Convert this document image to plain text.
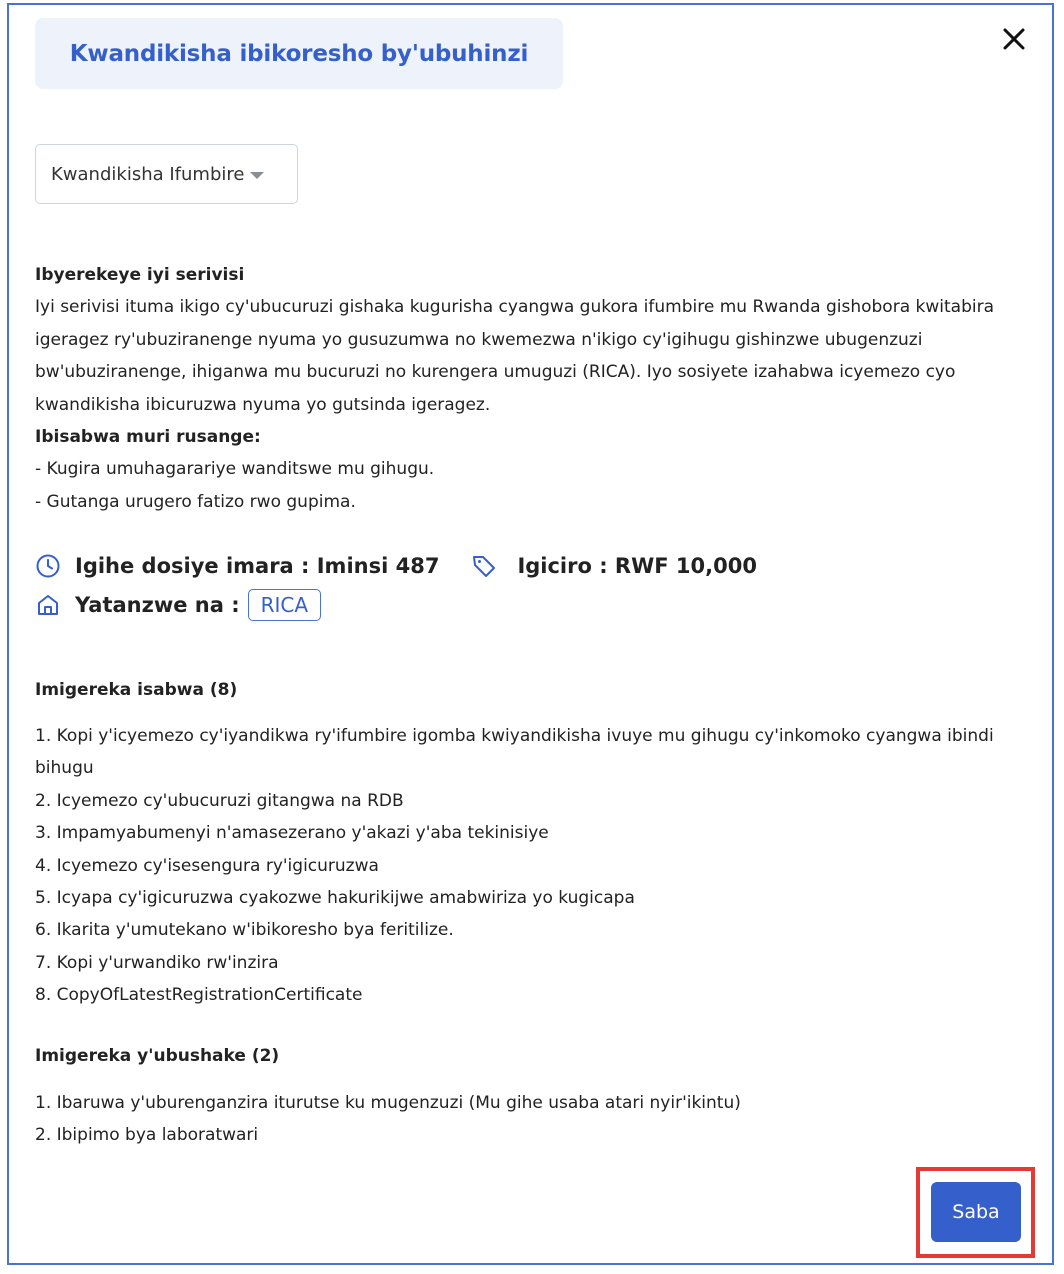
Kwandikisha ibikoresho by'ubuhinzi
Kwandikisha Ifumbire
Ibyerekeye iyi serivisi
Iyi serivisi ituma ikigo cy'ubucuruzi gishaka kugurisha cyangwa gukora ifumbire mu Rwanda gishobora kwitabira igeragez ry'ubuziranenge nyuma yo gusuzumwa no kwemezwa n'ikigo cy'igihugu gishinzwe ubugenzuzi bw'ubuziranenge, ihiganwa mu bucuruzi no kurengera umuguzi (RICA). Iyo sosiyete izahabwa icyemezo cyo kwandikisha ibicuruzwa nyuma yo gutsinda igeragez.
Ibisabwa muri rusange:
- Kugira umuhagarariye wanditswe mu gihugu.
- Gutanga urugero fatizo rwo gupima.
Igihe dosiye imara : Iminsi 487	Igiciro : RWF 10,000
Yatanzwe na :	RICA
Imigereka isabwa (8)
1. Kopi y'icyemezo cy'iyandikwa ry'ifumbire igomba kwiyandikisha ivuye mu gihugu cy'inkomoko cyangwa ibindi bihugu
2. Icyemezo cy'ubucuruzi gitangwa na RDB
3. Impamyabumenyi n'amasezerano y'akazi y'aba tekinisiye
4. Icyemezo cy'isesengura ry'igicuruzwa
5. Icyapa cy'igicuruzwa cyakozwe hakurikijwe amabwiriza yo kugicapa
6. Ikarita y'umutekano w'ibikoresho bya feritilize.
7. Kopi y'urwandiko rw'inzira
8. CopyOfLatestRegistrationCertificate
Imigereka y'ubushake (2)
1. Ibaruwa y'uburenganzira iturutse ku mugenzuzi (Mu gihe usaba atari nyir'ikintu)
2. Ibipimo bya laboratwari
Saba
